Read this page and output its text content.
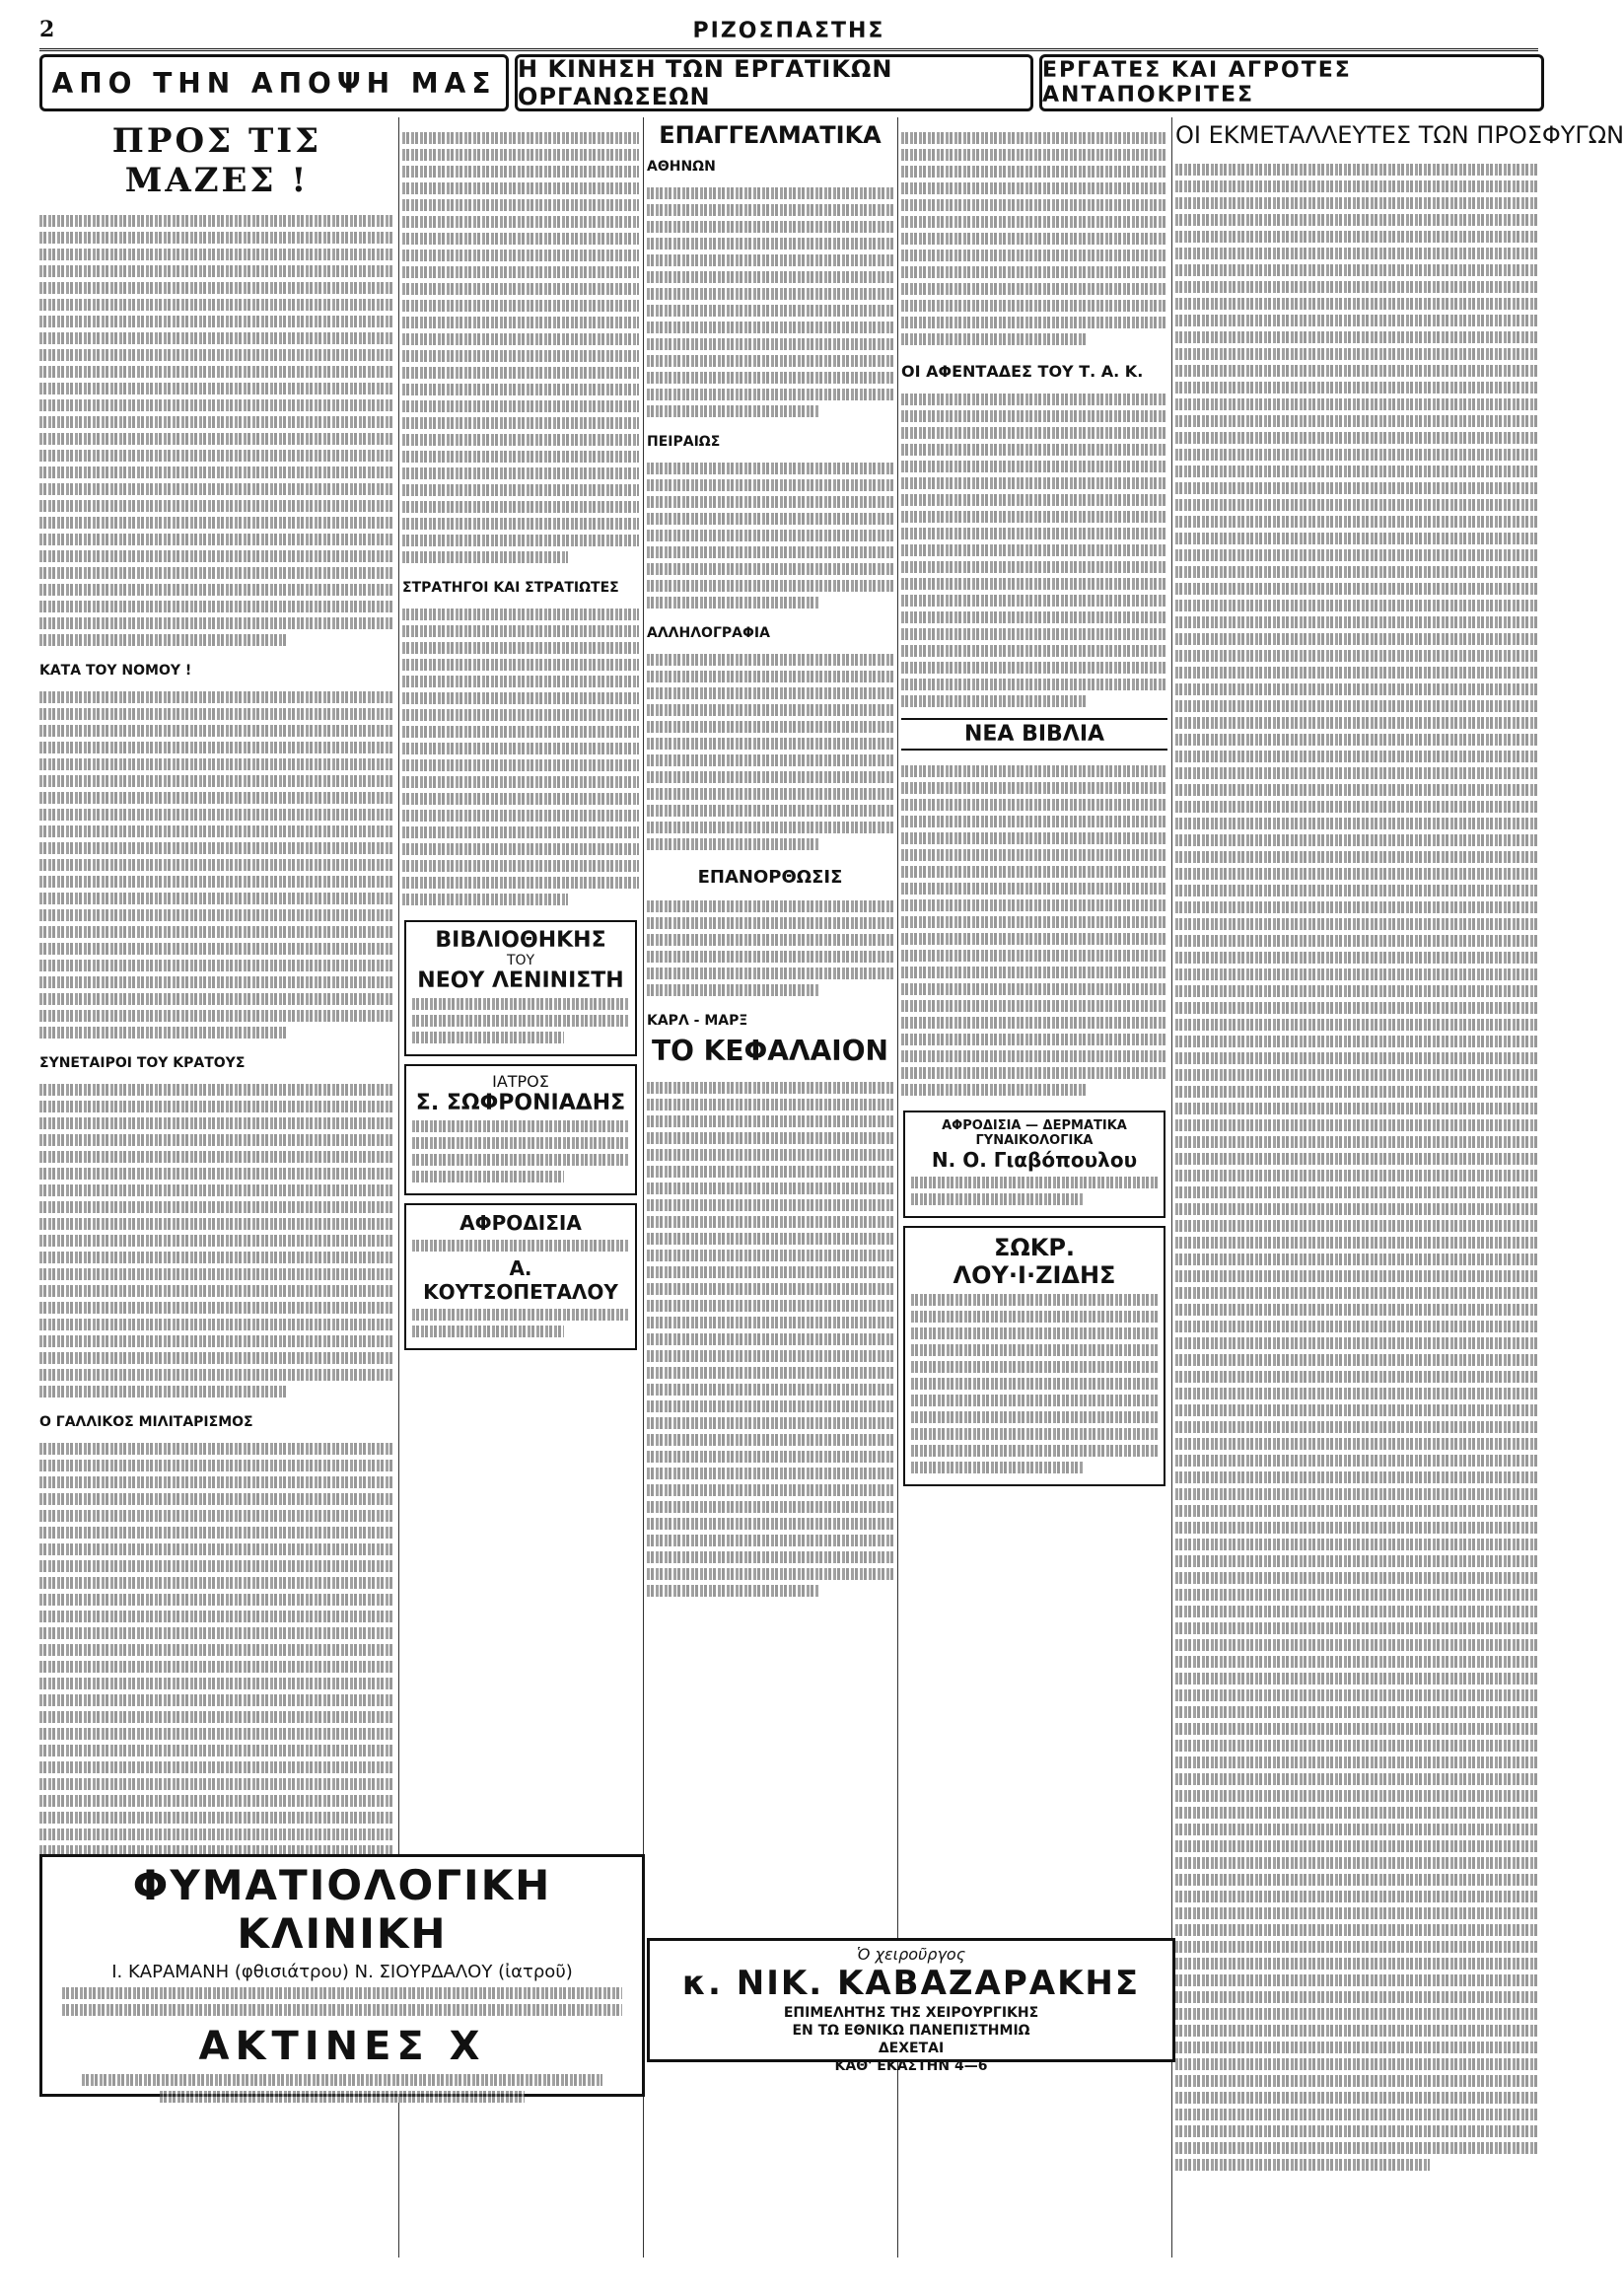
2	ΡΙΖΟΣΠΑΣΤΗΣ
ΑΠΟ ΤΗΝ ΑΠΟΨΗ ΜΑΣ Η ΚΙΝΗΣΗ ΤΩΝ ΕΡΓΑΤΙΚΩΝ ΟΡΓΑΝΩΣΕΩΝ
ΕΡΓΑΤΕΣ ΚΑΙ ΑΓΡΟΤΕΣ ΑΝΤΑΠΟΚΡΙΤΕΣ
ΠΡΟΣ ΤΙΣ ΜΑΖΕΣ !
ΚΑΤΑ ΤΟΥ ΝΟΜΟΥ !
ΣΥΝΕΤΑΙΡΟΙ ΤΟΥ ΚΡΑΤΟΥΣ
Ο ΓΑΛΛΙΚΟΣ ΜΙΛΙΤΑΡΙΣΜΟΣ
ΣΤΡΑΤΗΓΟΙ ΚΑΙ ΣΤΡΑΤΙΩΤΕΣ
ΒΙΒΛΙΟΘΗΚΗΣ
ΤΟΥ
ΝΕΟΥ ΛΕΝΙΝΙΣΤΗ
ΙΑΤΡΟΣ
Σ. ΣΩΦΡΟΝΙΑΔΗΣ
ΑΦΡΟΔΙΣΙΑ
Α. ΚΟΥΤΣΟΠΕΤΑΛΟΥ
ΕΠΑΓΓΕΛΜΑΤΙΚΑ
ΑΘΗΝΩΝ
ΠΕΙΡΑΙΩΣ
ΑΛΛΗΛΟΓΡΑΦΙΑ
ΕΠΑΝΟΡΘΩΣΙΣ
ΚΑΡΛ - ΜΑΡΞ
ΤΟ ΚΕΦΑΛΑΙΟΝ
ΟΙ ΑΦΕΝΤΑΔΕΣ ΤΟΥ Τ. Α. Κ.
ΝΕΑ ΒΙΒΛΙΑ
ΑΦΡΟΔΙΣΙΑ — ΔΕΡΜΑΤΙΚΑ
ΓΥΝΑΙΚΟΛΟΓΙΚΑ
Ν. Ο. Γιαβόπουλου
ΣΩΚΡ. ΛΟΥ·Ι·ΖΙΔΗΣ
ΟΙ ΕΚΜΕΤΑΛΛΕΥΤΕΣ ΤΩΝ ΠΡΟΣΦΥΓΩΝ
ΦΥΜΑΤΙΟΛΟΓΙΚΗ ΚΛΙΝΙΚΗ
Ι. ΚΑΡΑΜΑΝΗ (φθισιάτρου) Ν. ΣΙΟΥΡΔΑΛΟΥ (ἰατροῦ)
ΑΚΤΙΝΕΣ Χ
Ὁ χειροῦργος
κ. ΝΙΚ. ΚΑΒΑΖΑΡΑΚΗΣ
ΕΠΙΜΕΛΗΤΗΣ ΤΗΣ ΧΕΙΡΟΥΡΓΙΚΗΣ
ΕΝ ΤΩ ΕΘΝΙΚΩ ΠΑΝΕΠΙΣΤΗΜΙΩ
ΔΕΧΕΤΑΙ
ΚΑΘ' ΕΚΑΣΤΗΝ 4—6
